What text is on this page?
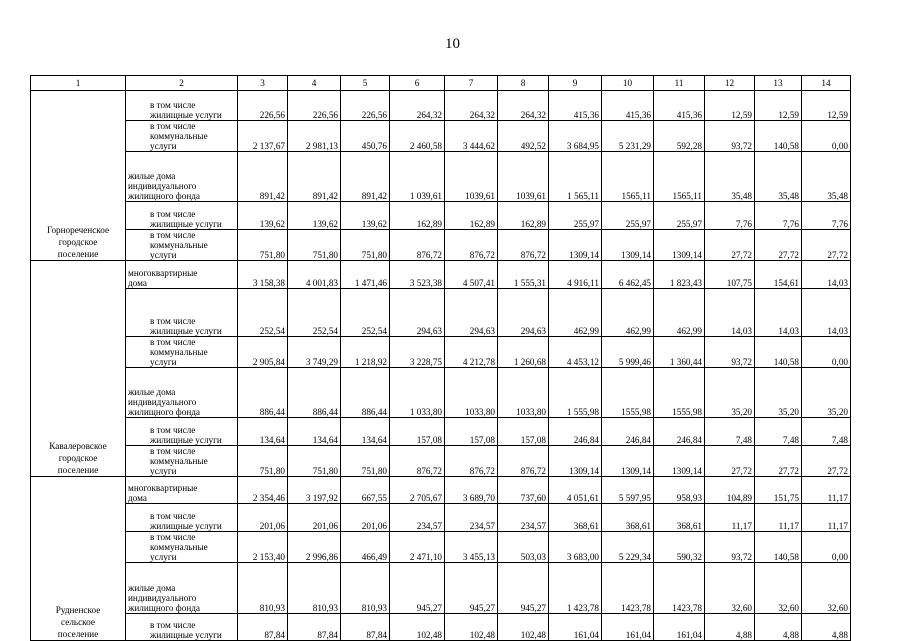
10
1	2	3	4	5	6	7	8	9	10	11	12	13	14
Горнореченское
городское
поселение	в том числе
жилищные услуги	226,56	226,56	226,56	264,32	264,32	264,32	415,36	415,36	415,36	12,59	12,59	12,59
	в том числе
коммунальные услуги	2 137,67	2 981,13	450,76	2 460,58	3 444,62	492,52	3 684,95	5 231,29	592,28	93,72	140,58	0,00
	жилые дома
индивидуального
жилищного фонда	891,42	891,42	891,42	1 039,61	1039,61	1039,61	1 565,11	1565,11	1565,11	35,48	35,48	35,48
	в том числе
жилищные услуги	139,62	139,62	139,62	162,89	162,89	162,89	255,97	255,97	255,97	7,76	7,76	7,76
	в том числе
коммунальные услуги	751,80	751,80	751,80	876,72	876,72	876,72	1309,14	1309,14	1309,14	27,72	27,72	27,72
Кавалеровское
городское
поселение	многоквартирные
дома	3 158,38	4 001,83	1 471,46	3 523,38	4 507,41	1 555,31	4 916,11	6 462,45	1 823,43	107,75	154,61	14,03
	в том числе
жилищные услуги	252,54	252,54	252,54	294,63	294,63	294,63	462,99	462,99	462,99	14,03	14,03	14,03
	в том числе
коммунальные услуги	2 905,84	3 749,29	1 218,92	3 228,75	4 212,78	1 260,68	4 453,12	5 999,46	1 360,44	93,72	140,58	0,00
	жилые дома
индивидуального
жилищного фонда	886,44	886,44	886,44	1 033,80	1033,80	1033,80	1 555,98	1555,98	1555,98	35,20	35,20	35,20
	в том числе
жилищные услуги	134,64	134,64	134,64	157,08	157,08	157,08	246,84	246,84	246,84	7,48	7,48	7,48
	в том числе
коммунальные услуги	751,80	751,80	751,80	876,72	876,72	876,72	1309,14	1309,14	1309,14	27,72	27,72	27,72
Рудненское
сельское
поселение	многоквартирные
дома	2 354,46	3 197,92	667,55	2 705,67	3 689,70	737,60	4 051,61	5 597,95	958,93	104,89	151,75	11,17
	в том числе
жилищные услуги	201,06	201,06	201,06	234,57	234,57	234,57	368,61	368,61	368,61	11,17	11,17	11,17
	в том числе
коммунальные услуги	2 153,40	2 996,86	466,49	2 471,10	3 455,13	503,03	3 683,00	5 229,34	590,32	93,72	140,58	0,00
	жилые дома
индивидуального
жилищного фонда	810,93	810,93	810,93	945,27	945,27	945,27	1 423,78	1423,78	1423,78	32,60	32,60	32,60
	в том числе
жилищные услуги	87,84	87,84	87,84	102,48	102,48	102,48	161,04	161,04	161,04	4,88	4,88	4,88
